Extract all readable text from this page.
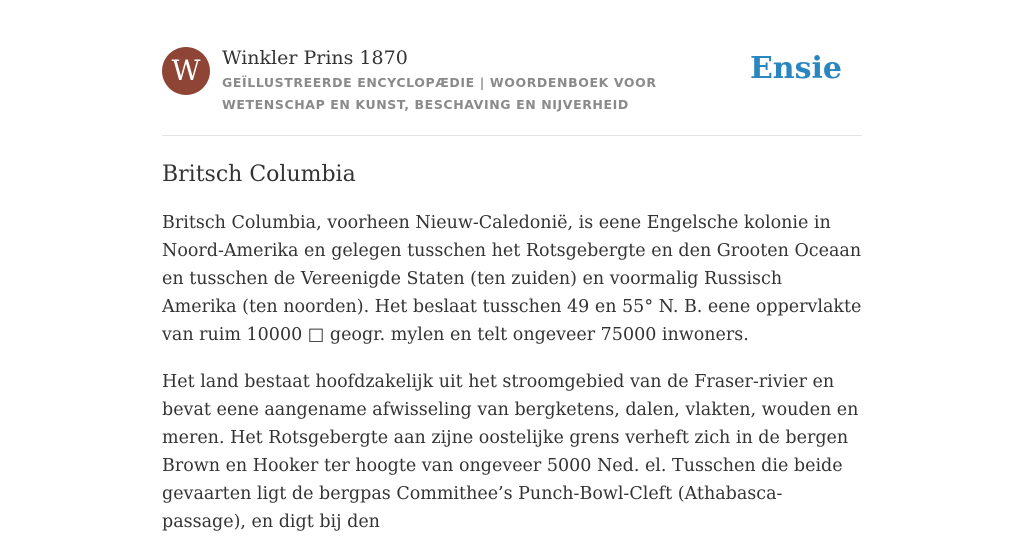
W	Winkler Prins 1870
GEÏLLUSTREERDE ENCYCLOPÆDIE | WOORDENBOEK VOOR WETENSCHAP EN KUNST, BESCHAVING EN NIJVERHEID
Ensie
Britsch Columbia

Britsch Columbia, voorheen Nieuw-Caledonië, is eene Engelsche kolonie in Noord-Amerika en gelegen tusschen het Rotsgebergte en den Grooten Oceaan en tusschen de Vereenigde Staten (ten zuiden) en voormalig Russisch Amerika (ten noorden). Het beslaat tusschen 49 en 55° N. B. eene oppervlakte van ruim 10000 □ geogr. mylen en telt ongeveer 75000 inwoners.

Het land bestaat hoofdzakelijk uit het stroomgebied van de Fraser-rivier en bevat eene aangename afwisseling van bergketens, dalen, vlakten, wouden en meren. Het Rotsgebergte aan zijne oostelijke grens verheft zich in de bergen Brown en Hooker ter hoogte van ongeveer 5000 Ned. el. Tusschen die beide gevaarten ligt de bergpas Commithee’s Punch-Bowl-Cleft (Athabasca-passage), en digt bij den
